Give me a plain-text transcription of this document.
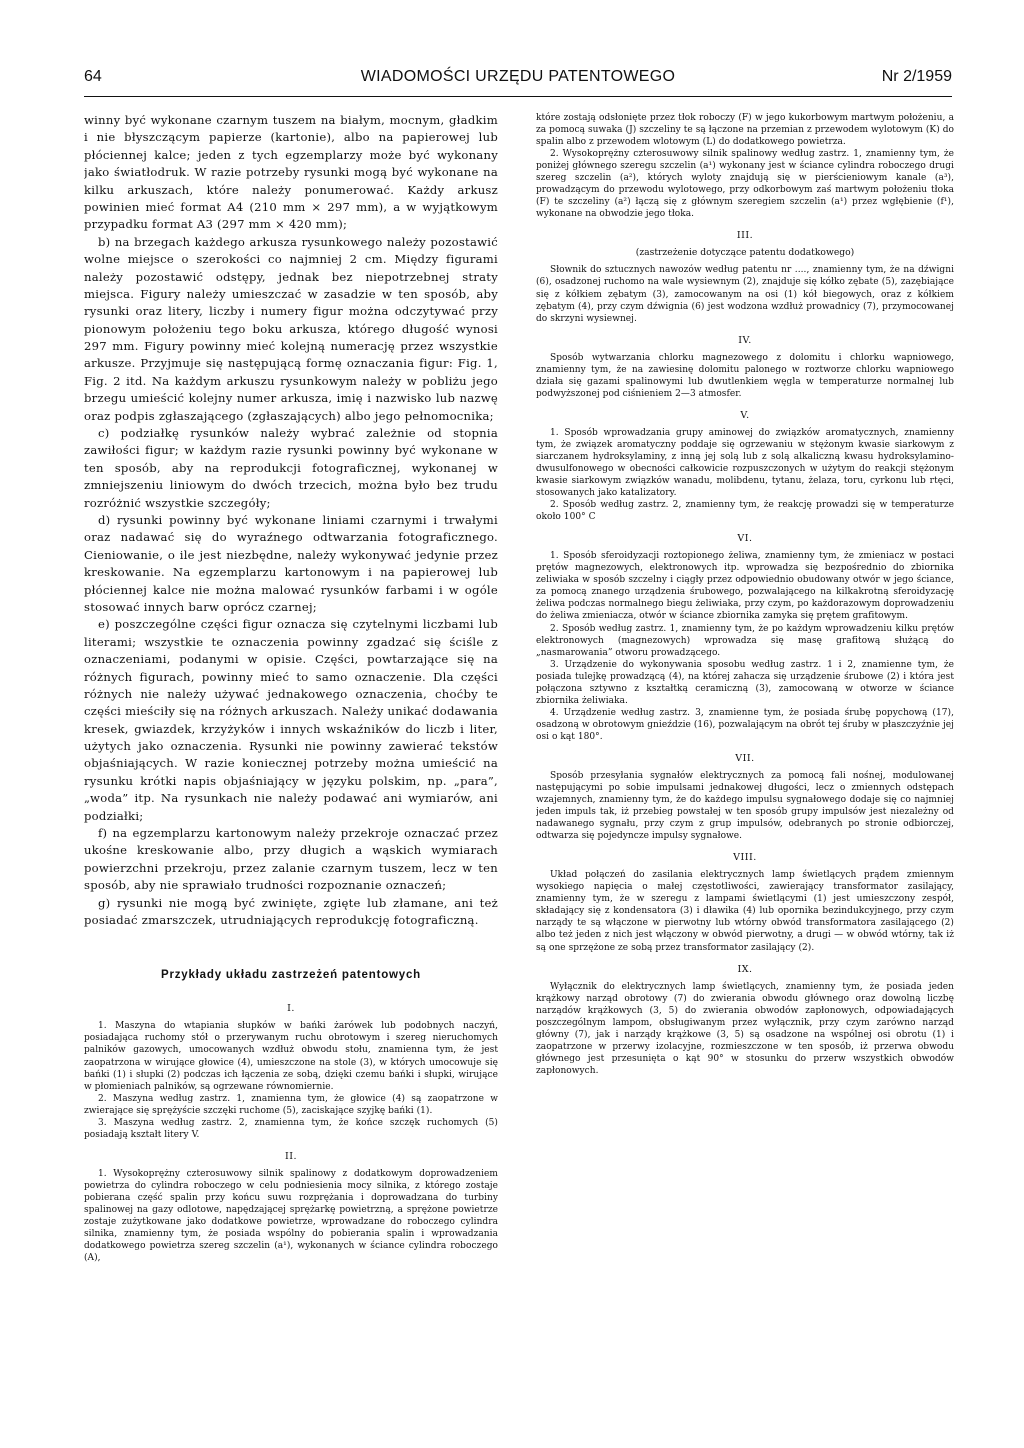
64	WIADOMOŚCI URZĘDU PATENTOWEGO	Nr 2/1959

winny być wykonane czarnym tuszem na białym, mocnym, gładkim i nie błyszczącym papierze (kartonie), albo na papierowej lub płóciennej kalce; jeden z tych egzemplarzy może być wykonany jako światłodruk. W razie potrzeby rysunki mogą być wykonane na kilku arkuszach, które należy ponumerować. Każdy arkusz powinien mieć format A4 (210 mm × 297 mm), a w wyjątkowym przypadku format A3 (297 mm × 420 mm);

b) na brzegach każdego arkusza rysunkowego należy pozostawić wolne miejsce o szerokości co najmniej 2 cm. Między figurami należy pozostawić odstępy, jednak bez niepotrzebnej straty miejsca. Figury należy umieszczać w zasadzie w ten sposób, aby rysunki oraz litery, liczby i numery figur można odczytywać przy pionowym położeniu tego boku arkusza, którego długość wynosi 297 mm. Figury powinny mieć kolejną numerację przez wszystkie arkusze. Przyjmuje się następującą formę oznaczania figur: Fig. 1, Fig. 2 itd. Na każdym arkuszu rysunkowym należy w pobliżu jego brzegu umieścić kolejny numer arkusza, imię i nazwisko lub nazwę oraz podpis zgłaszającego (zgłaszających) albo jego pełnomocnika;

c) podziałkę rysunków należy wybrać zależnie od stopnia zawiłości figur; w każdym razie rysunki powinny być wykonane w ten sposób, aby na reprodukcji fotograficznej, wykonanej w zmniejszeniu liniowym do dwóch trzecich, można było bez trudu rozróżnić wszystkie szczegóły;

d) rysunki powinny być wykonane liniami czarnymi i trwałymi oraz nadawać się do wyraźnego odtwarzania fotograficznego. Cieniowanie, o ile jest niezbędne, należy wykonywać jedynie przez kreskowanie. Na egzemplarzu kartonowym i na papierowej lub płóciennej kalce nie można malować rysunków farbami i w ogóle stosować innych barw oprócz czarnej;

e) poszczególne części figur oznacza się czytelnymi liczbami lub literami; wszystkie te oznaczenia powinny zgadzać się ściśle z oznaczeniami, podanymi w opisie. Części, powtarzające się na różnych figurach, powinny mieć to samo oznaczenie. Dla części różnych nie należy używać jednakowego oznaczenia, choćby te części mieściły się na różnych arkuszach. Należy unikać dodawania kresek, gwiazdek, krzyżyków i innych wskaźników do liczb i liter, użytych jako oznaczenia. Rysunki nie powinny zawierać tekstów objaśniających. W razie koniecznej potrzeby można umieścić na rysunku krótki napis objaśniający w języku polskim, np. „para”, „woda” itp. Na rysunkach nie należy podawać ani wymiarów, ani podziałki;

f) na egzemplarzu kartonowym należy przekroje oznaczać przez ukośne kreskowanie albo, przy długich a wąskich wymiarach powierzchni przekroju, przez zalanie czarnym tuszem, lecz w ten sposób, aby nie sprawiało trudności rozpoznanie oznaczeń;

g) rysunki nie mogą być zwinięte, zgięte lub złamane, ani też posiadać zmarszczek, utrudniających reprodukcję fotograficzną.

Przykłady układu zastrzeżeń patentowych
I.

1. Maszyna do wtapiania słupków w bańki żarówek lub podobnych naczyń, posiadająca ruchomy stół o przerywanym ruchu obrotowym i szereg nieruchomych palników gazowych, umocowanych wzdłuż obwodu stołu, znamienna tym, że jest zaopatrzona w wirujące głowice (4), umieszczone na stole (3), w których umocowuje się bańki (1) i słupki (2) podczas ich łączenia ze sobą, dzięki czemu bańki i słupki, wirujące w płomieniach palników, są ogrzewane równomiernie.

2. Maszyna według zastrz. 1, znamienna tym, że głowice (4) są zaopatrzone w zwierające się sprężyście szczęki ruchome (5), zaciskające szyjkę bańki (1).

3. Maszyna według zastrz. 2, znamienna tym, że końce szczęk ruchomych (5) posiadają kształt litery V.

II.

1. Wysokoprężny czterosuwowy silnik spalinowy z dodatkowym doprowadzeniem powietrza do cylindra roboczego w celu podniesienia mocy silnika, z którego zostaje pobierana część spalin przy końcu suwu rozprężania i doprowadzana do turbiny spalinowej na gazy odlotowe, napędzającej sprężarkę powietrzną, a sprężone powietrze zostaje zużytkowane jako dodatkowe powietrze, wprowadzane do roboczego cylindra silnika, znamienny tym, że posiada wspólny do pobierania spalin i wprowadzania dodatkowego powietrza szereg szczelin (a¹), wykonanych w ściance cylindra roboczego (A),

które zostają odsłonięte przez tłok roboczy (F) w jego kukorbowym martwym położeniu, a za pomocą suwaka (J) szczeliny te są łączone na przemian z przewodem wylotowym (K) do spalin albo z przewodem wlotowym (L) do dodatkowego powietrza.

2. Wysokoprężny czterosuwowy silnik spalinowy według zastrz. 1, znamienny tym, że poniżej głównego szeregu szczelin (a¹) wykonany jest w ściance cylindra roboczego drugi szereg szczelin (a²), których wyloty znajdują się w pierścieniowym kanale (a³), prowadzącym do przewodu wylotowego, przy odkorbowym zaś martwym położeniu tłoka (F) te szczeliny (a²) łączą się z głównym szeregiem szczelin (a¹) przez wgłębienie (f¹), wykonane na obwodzie jego tłoka.

III.
(zastrzeżenie dotyczące patentu dodatkowego)

Słownik do sztucznych nawozów według patentu nr ...., znamienny tym, że na dźwigni (6), osadzonej ruchomo na wale wysiewnym (2), znajduje się kółko zębate (5), zazębiające się z kółkiem zębatym (3), zamocowanym na osi (1) kół biegowych, oraz z kółkiem zębatym (4), przy czym dźwignia (6) jest wodzona wzdłuż prowadnicy (7), przymocowanej do skrzyni wysiewnej.

IV.

Sposób wytwarzania chlorku magnezowego z dolomitu i chlorku wapniowego, znamienny tym, że na zawiesinę dolomitu palonego w roztworze chlorku wapniowego działa się gazami spalinowymi lub dwutlenkiem węgla w temperaturze normalnej lub podwyższonej pod ciśnieniem 2—3 atmosfer.

V.

1. Sposób wprowadzania grupy aminowej do związków aromatycznych, znamienny tym, że związek aromatyczny poddaje się ogrzewaniu w stężonym kwasie siarkowym z siarczanem hydroksylaminy, z inną jej solą lub z solą alkaliczną kwasu hydroksylamino-dwusulfonowego w obecności całkowicie rozpuszczonych w użytym do reakcji stężonym kwasie siarkowym związków wanadu, molibdenu, tytanu, żelaza, toru, cyrkonu lub rtęci, stosowanych jako katalizatory.

2. Sposób według zastrz. 2, znamienny tym, że reakcję prowadzi się w temperaturze około 100° C

VI.

1. Sposób sferoidyzacji roztopionego żeliwa, znamienny tym, że zmieniacz w postaci prętów magnezowych, elektronowych itp. wprowadza się bezpośrednio do zbiornika zeliwiaka w sposób szczelny i ciągły przez odpowiednio obudowany otwór w jego ściance, za pomocą znanego urządzenia śrubowego, pozwalającego na kilkakrotną sferoidyzację żeliwa podczas normalnego biegu żeliwiaka, przy czym, po każdorazowym doprowadzeniu do żeliwa zmieniacza, otwór w ściance zbiornika zamyka się prętem grafitowym.

2. Sposób według zastrz. 1, znamienny tym, że po każdym wprowadzeniu kilku prętów elektronowych (magnezowych) wprowadza się masę grafitową służącą do „nasmarowania” otworu prowadzącego.

3. Urządzenie do wykonywania sposobu według zastrz. 1 i 2, znamienne tym, że posiada tulejkę prowadzącą (4), na której zahacza się urządzenie śrubowe (2) i która jest połączona sztywno z kształtką ceramiczną (3), zamocowaną w otworze w ściance zbiornika żeliwiaka.

4. Urządzenie według zastrz. 3, znamienne tym, że posiada śrubę popychową (17), osadzoną w obrotowym gnieździe (16), pozwalającym na obrót tej śruby w płaszczyźnie jej osi o kąt 180°.

VII.

Sposób przesyłania sygnałów elektrycznych za pomocą fali nośnej, modulowanej następującymi po sobie impulsami jednakowej długości, lecz o zmiennych odstępach wzajemnych, znamienny tym, że do każdego impulsu sygnałowego dodaje się co najmniej jeden impuls tak, iż przebieg powstałej w ten sposób grupy impulsów jest niezależny od nadawanego sygnału, przy czym z grup impulsów, odebranych po stronie odbiorczej, odtwarza się pojedyncze impulsy sygnałowe.

VIII.

Układ połączeń do zasilania elektrycznych lamp świetlących prądem zmiennym wysokiego napięcia o małej częstotliwości, zawierający transformator zasilający, znamienny tym, że w szeregu z lampami świetlącymi (1) jest umieszczony zespół, składający się z kondensatora (3) i dławika (4) lub opornika bezindukcyjnego, przy czym narządy te są włączone w pierwotny lub wtórny obwód transformatora zasilającego (2) albo też jeden z nich jest włączony w obwód pierwotny, a drugi — w obwód wtórny, tak iż są one sprzężone ze sobą przez transformator zasilający (2).

IX.

Wyłącznik do elektrycznych lamp świetlących, znamienny tym, że posiada jeden krążkowy narząd obrotowy (7) do zwierania obwodu głównego oraz dowolną liczbę narządów krążkowych (3, 5) do zwierania obwodów zapłonowych, odpowiadających poszczególnym lampom, obsługiwanym przez wyłącznik, przy czym zarówno narząd główny (7), jak i narządy krążkowe (3, 5) są osadzone na wspólnej osi obrotu (1) i zaopatrzone w przerwy izolacyjne, rozmieszczone w ten sposób, iż przerwa obwodu głównego jest przesunięta o kąt 90° w stosunku do przerw wszystkich obwodów zapłonowych.
